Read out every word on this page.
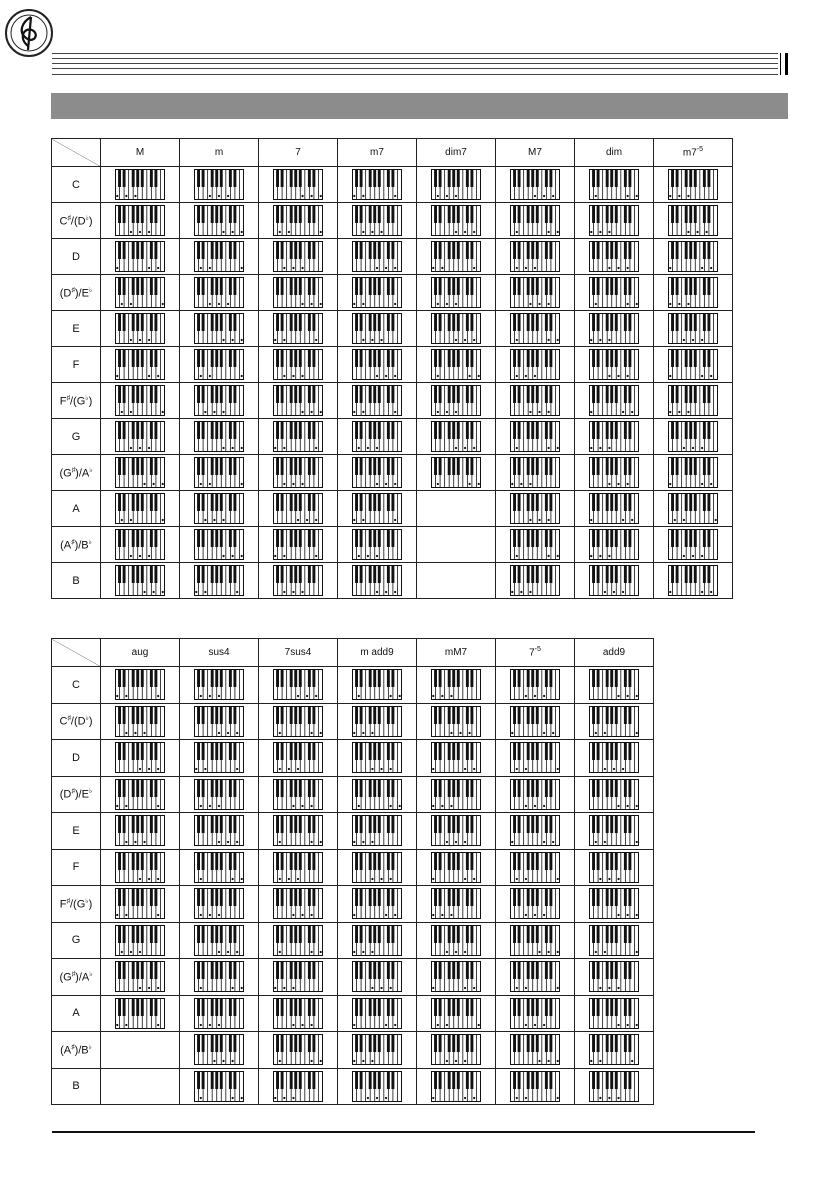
	M	m	7	m7	dim7	M7	dim	$m7^{-5}$
C	

C♯/(D♭)	

D	

(D♯)/E♭	

E	

F	

F♯/(G♭)	

G	

(G♯)/A♭	

A	

(A♯)/B♭	

B	

	aug	sus4	7sus4	m add9	mM7	$7^{-5}$	add9
C	

C♯/(D♭)	

D	

(D♯)/E♭	

E	

F	

F♯/(G♭)	

G	

(G♯)/A♭	

A	

(A♯)/B♭		

B		
